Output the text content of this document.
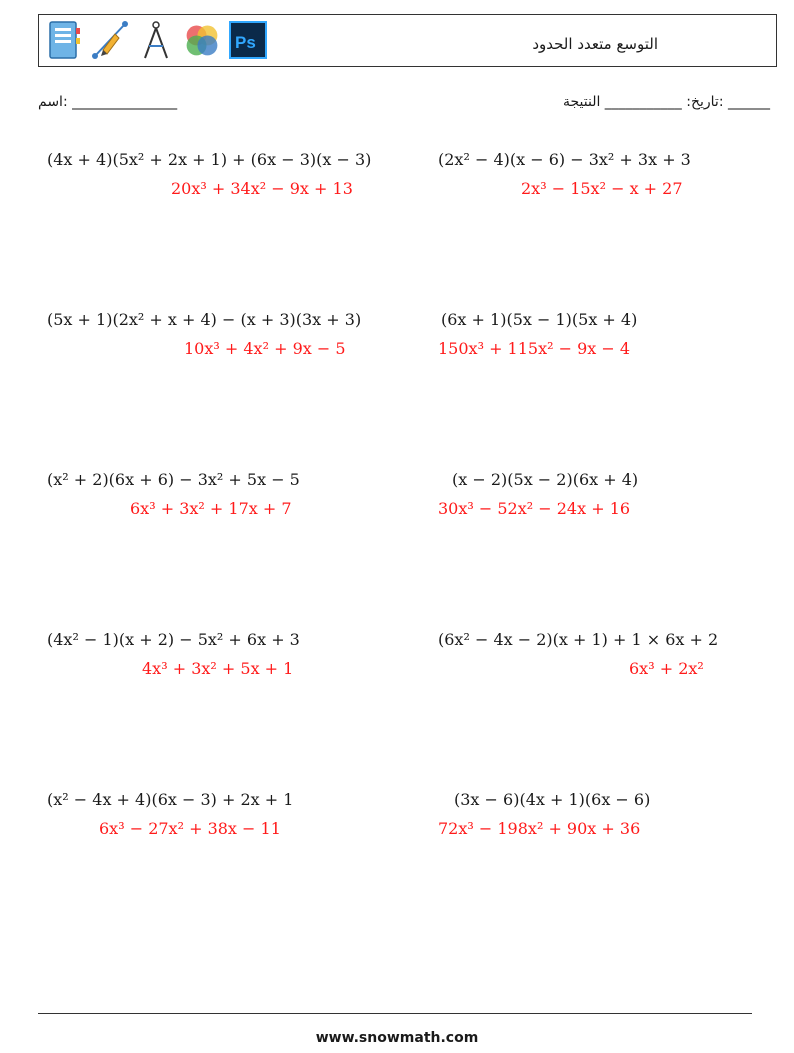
Ps	التوسع متعدد الحدود
_______________ :اسم	______ :تاريخ: ___________ النتيجة
(4x + 4)(5x² + 2x + 1) + (6x − 3)(x − 3)
20x³ + 34x² − 9x + 13
(2x² − 4)(x − 6) − 3x² + 3x + 3
2x³ − 15x² − x + 27
(5x + 1)(2x² + x + 4) − (x + 3)(3x + 3)
10x³ + 4x² + 9x − 5
(6x + 1)(5x − 1)(5x + 4)
150x³ + 115x² − 9x − 4
(x² + 2)(6x + 6) − 3x² + 5x − 5
6x³ + 3x² + 17x + 7
(x − 2)(5x − 2)(6x + 4)
30x³ − 52x² − 24x + 16
(4x² − 1)(x + 2) − 5x² + 6x + 3
4x³ + 3x² + 5x + 1
(6x² − 4x − 2)(x + 1) + 1 × 6x + 2
6x³ + 2x²
(x² − 4x + 4)(6x − 3) + 2x + 1
6x³ − 27x² + 38x − 11
(3x − 6)(4x + 1)(6x − 6)
72x³ − 198x² + 90x + 36
www.snowmath.com
